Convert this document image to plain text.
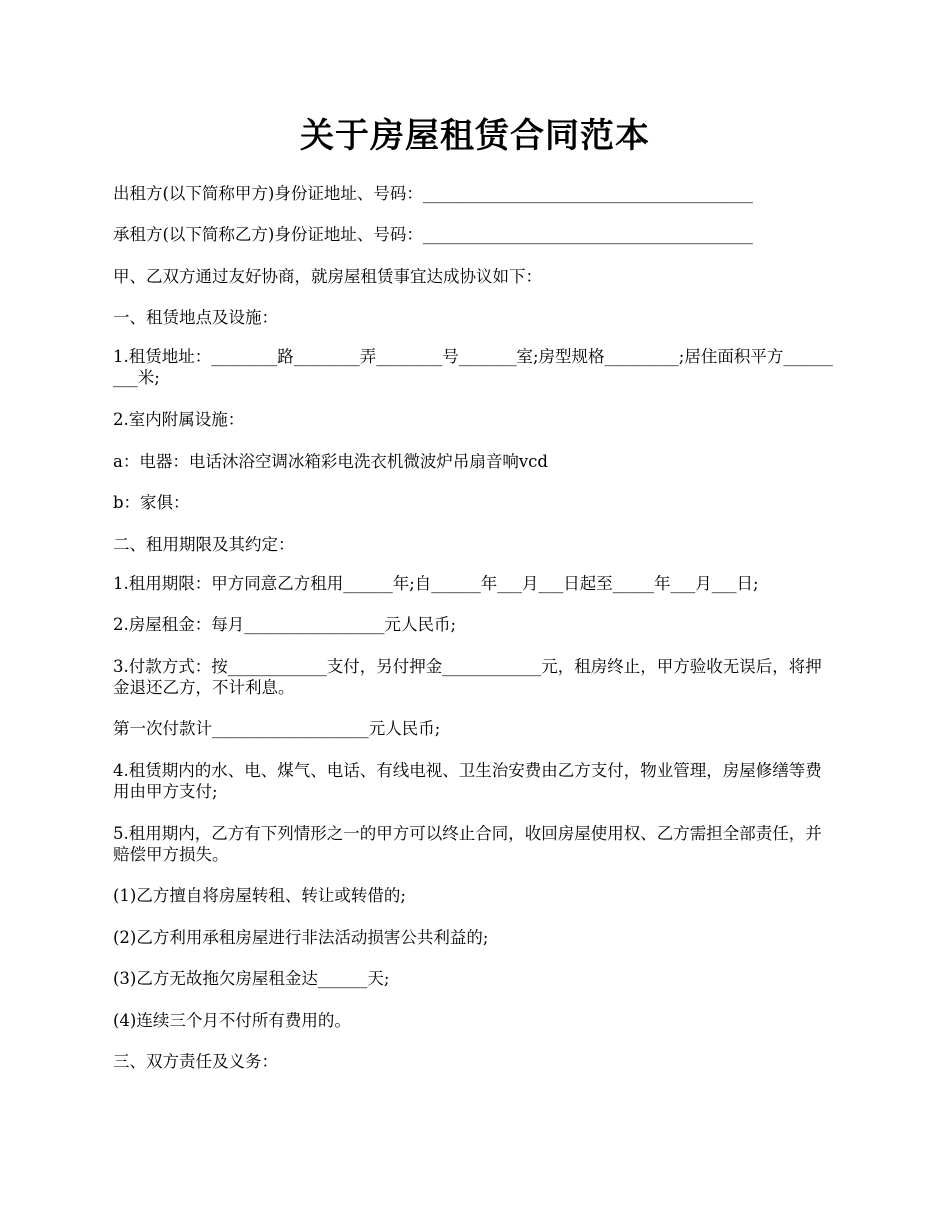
关于房屋租赁合同范本
出租方(以下简称甲方)身份证地址、号码：________________________________________
承租方(以下简称乙方)身份证地址、号码：________________________________________
甲、乙双方通过友好协商，就房屋租赁事宜达成协议如下：
一、租赁地点及设施：
1.租赁地址：________路________弄________号_______室;房型规格_________;居住面积平方_________米;
2.室内附属设施：
a：电器：电话沐浴空调冰箱彩电洗衣机微波炉吊扇音响vcd
b：家俱：
二、租用期限及其约定：
1.租用期限：甲方同意乙方租用______年;自______年___月___日起至_____年___月___日;
2.房屋租金：每月_________________元人民币;
3.付款方式：按____________支付，另付押金____________元，租房终止，甲方验收无误后，将押金退还乙方，不计利息。
第一次付款计___________________元人民币;
4.租赁期内的水、电、煤气、电话、有线电视、卫生治安费由乙方支付，物业管理，房屋修缮等费用由甲方支付;
5.租用期内，乙方有下列情形之一的甲方可以终止合同，收回房屋使用权、乙方需担全部责任，并赔偿甲方损失。
(1)乙方擅自将房屋转租、转让或转借的;
(2)乙方利用承租房屋进行非法活动损害公共利益的;
(3)乙方无故拖欠房屋租金达______天;
(4)连续三个月不付所有费用的。
三、双方责任及义务：
